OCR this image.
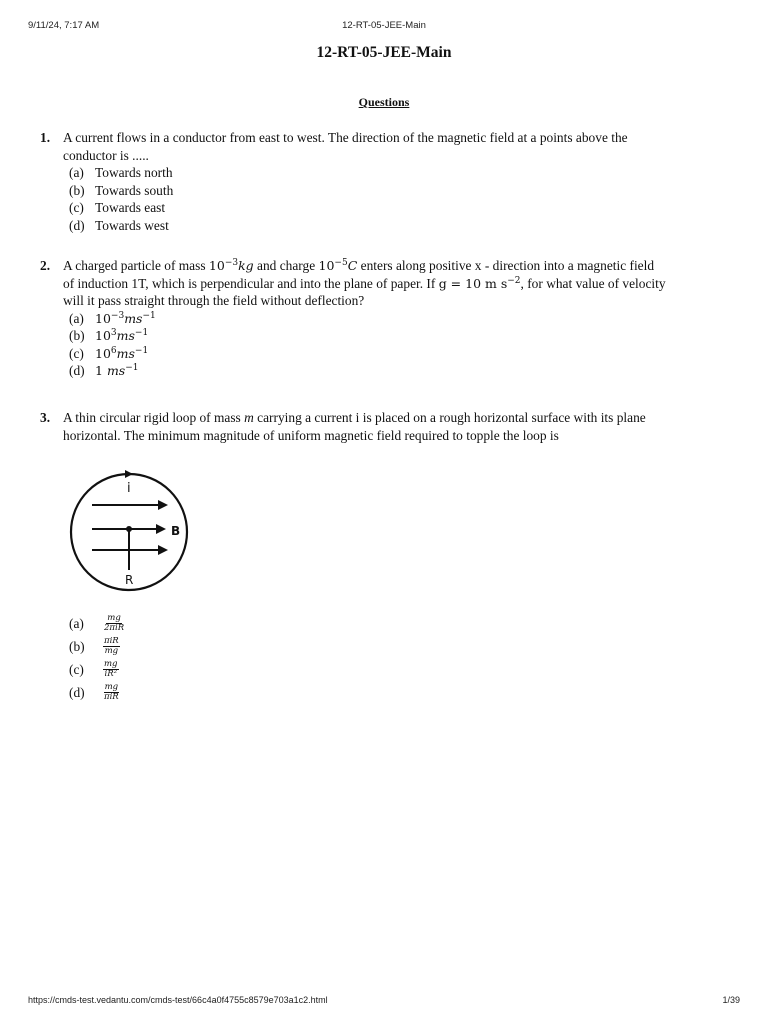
9/11/24, 7:17 AM	12-RT-05-JEE-Main
12-RT-05-JEE-Main
Questions
1. A current flows in a conductor from east to west. The direction of the magnetic field at a points above the
conductor is .....
(a) Towards north
(b) Towards south
(c) Towards east
(d) Towards west
2. A charged particle of mass $10^{-3}kg$ and charge $10^{-5}C$ enters along positive x - direction into a magnetic field
of induction 1T, which is perpendicular and into the plane of paper. If g = 10 m $s^{-2}$, for what value of velocity
will it pass straight through the field without deflection?
(a) $10^{-3}ms^{-1}$
(b) $10^3ms^{-1}$
(c) $10^6ms^{-1}$
(d) 1 $ms^{-1}$
3. A thin circular rigid loop of mass m carrying a current i is placed on a rough horizontal surface with its plane
horizontal. The minimum magnitude of uniform magnetic field required to topple the loop is
i
B
R
(a)	$\frac{mg}{\text{2πiR}}$
(b)	$\frac{\text{πiR}}{mg}$
(c)	$\frac{mg}{\text{iR²}}$
(d)	$\frac{mg}{\text{πiR}}$
https://cmds-test.vedantu.com/cmds-test/66c4a0f4755c8579e703a1c2.html	1/39
